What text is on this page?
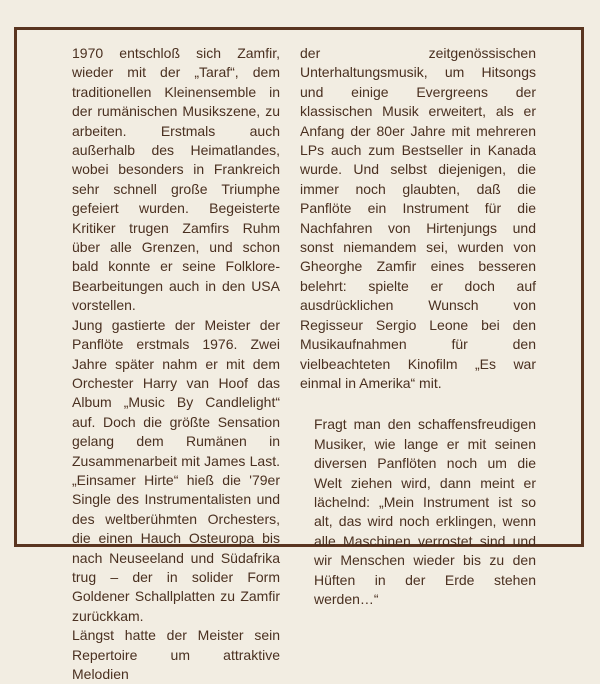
1970 entschloß sich Zamfir, wieder mit der „Taraf“, dem traditionellen Kleinensemble in der rumänischen Musikszene, zu arbeiten. Erstmals auch außerhalb des Heimatlandes, wobei besonders in Frankreich sehr schnell große Triumphe gefeiert wurden. Begeisterte Kritiker trugen Zamfirs Ruhm über alle Grenzen, und schon bald konnte er seine Folklore-Bearbeitungen auch in den USA vorstellen.

Jung gastierte der Meister der Panflöte erstmals 1976. Zwei Jahre später nahm er mit dem Orchester Harry van Hoof das Album „Music By Candlelight“ auf. Doch die größte Sensation gelang dem Rumänen in Zusammenarbeit mit James Last. „Einsamer Hirte“ hieß die '79er Single des Instrumentalisten und des weltberühmten Orchesters, die einen Hauch Osteuropa bis nach Neuseeland und Südafrika trug – der in solider Form Goldener Schallplatten zu Zamfir zurückkam.

Längst hatte der Meister sein Repertoire um attraktive Melodien

der zeitgenössischen Unterhaltungsmusik, um Hitsongs und einige Evergreens der klassischen Musik erweitert, als er Anfang der 80er Jahre mit mehreren LPs auch zum Bestseller in Kanada wurde. Und selbst diejenigen, die immer noch glaubten, daß die Panflöte ein Instrument für die Nachfahren von Hirtenjungs und sonst niemandem sei, wurden von Gheorghe Zamfir eines besseren belehrt: spielte er doch auf ausdrücklichen Wunsch von Regisseur Sergio Leone bei den Musikaufnahmen für den vielbeachteten Kinofilm „Es war einmal in Amerika“ mit.

Fragt man den schaffensfreudigen Musiker, wie lange er mit seinen diversen Panflöten noch um die Welt ziehen wird, dann meint er lächelnd: „Mein Instrument ist so alt, das wird noch erklingen, wenn alle Maschinen verrostet sind und wir Menschen wieder bis zu den Hüften in der Erde stehen werden…“
